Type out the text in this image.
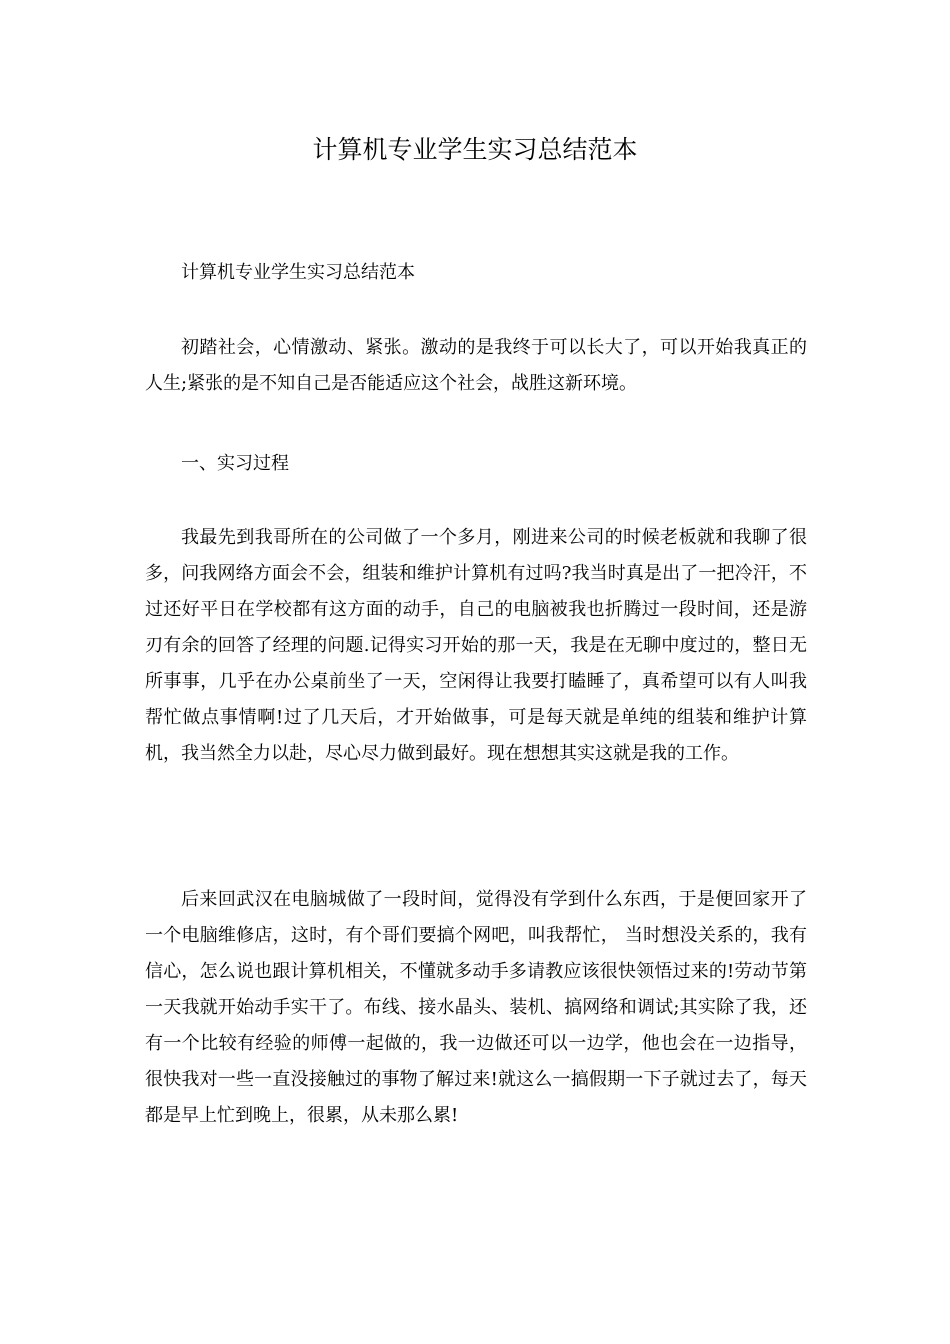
计算机专业学生实习总结范本

计算机专业学生实习总结范本

初踏社会，心情激动、紧张。激动的是我终于可以长大了，可以开始我真正的人生;紧张的是不知自己是否能适应这个社会，战胜这新环境。

一、实习过程

我最先到我哥所在的公司做了一个多月，刚进来公司的时候老板就和我聊了很多，问我网络方面会不会，组装和维护计算机有过吗?我当时真是出了一把冷汗，不过还好平日在学校都有这方面的动手，自己的电脑被我也折腾过一段时间，还是游刃有余的回答了经理的问题.记得实习开始的那一天，我是在无聊中度过的，整日无所事事，几乎在办公桌前坐了一天，空闲得让我要打瞌睡了，真希望可以有人叫我帮忙做点事情啊!过了几天后，才开始做事，可是每天就是单纯的组装和维护计算机，我当然全力以赴，尽心尽力做到最好。现在想想其实这就是我的工作。

后来回武汉在电脑城做了一段时间，觉得没有学到什么东西，于是便回家开了一个电脑维修店，这时，有个哥们要搞个网吧，叫我帮忙， 当时想没关系的，我有信心，怎么说也跟计算机相关，不懂就多动手多请教应该很快领悟过来的!劳动节第一天我就开始动手实干了。布线、接水晶头、装机、搞网络和调试;其实除了我，还有一个比较有经验的师傅一起做的，我一边做还可以一边学，他也会在一边指导，很快我对一些一直没接触过的事物了解过来!就这么一搞假期一下子就过去了，每天都是早上忙到晚上，很累，从未那么累!
